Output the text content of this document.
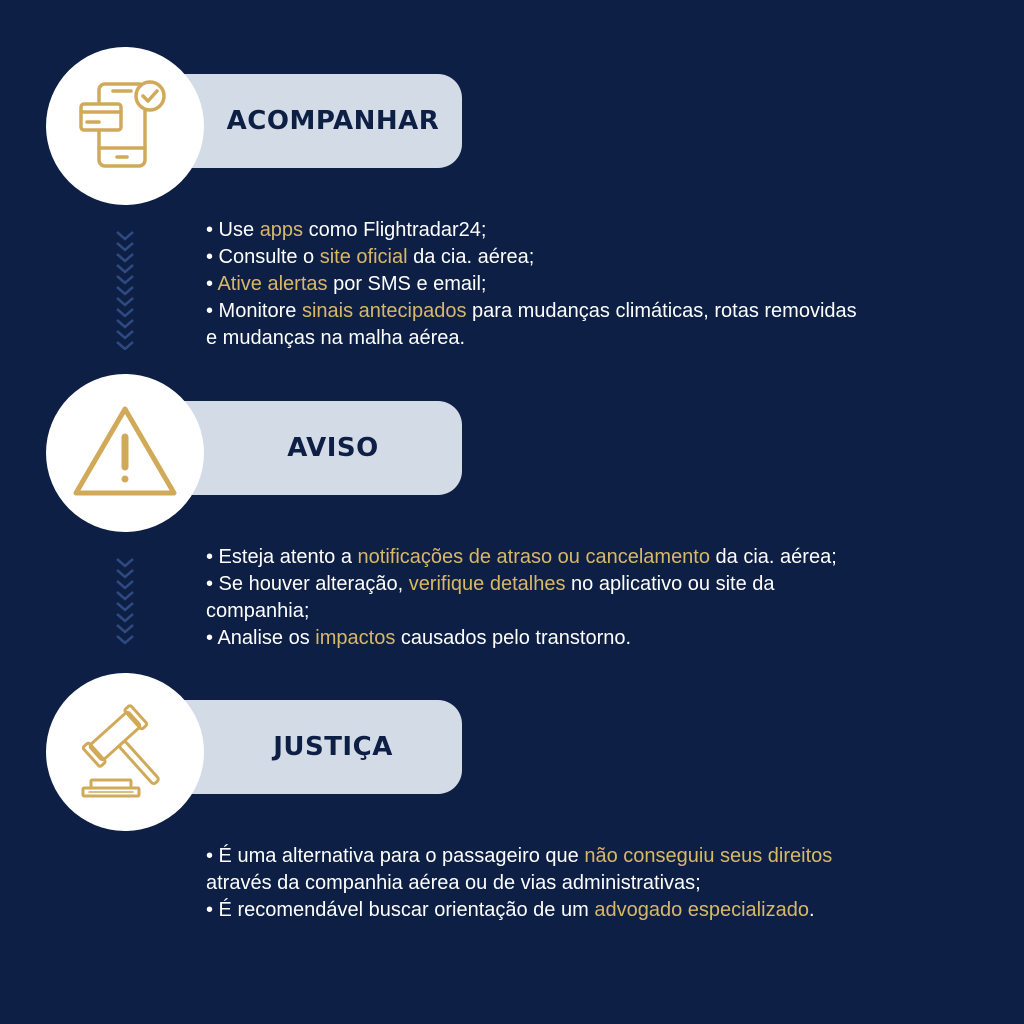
ACOMPANHAR
• Use apps como Flightradar24;
• Consulte o site oficial da cia. aérea;
• Ative alertas por SMS e email;
• Monitore sinais antecipados para mudanças climáticas, rotas removidas
e mudanças na malha aérea.
AVISO
• Esteja atento a notificações de atraso ou cancelamento da cia. aérea;
• Se houver alteração, verifique detalhes no aplicativo ou site da
companhia;
• Analise os impactos causados pelo transtorno.
JUSTIÇA
• É uma alternativa para o passageiro que não conseguiu seus direitos
através da companhia aérea ou de vias administrativas;
• É recomendável buscar orientação de um advogado especializado.
